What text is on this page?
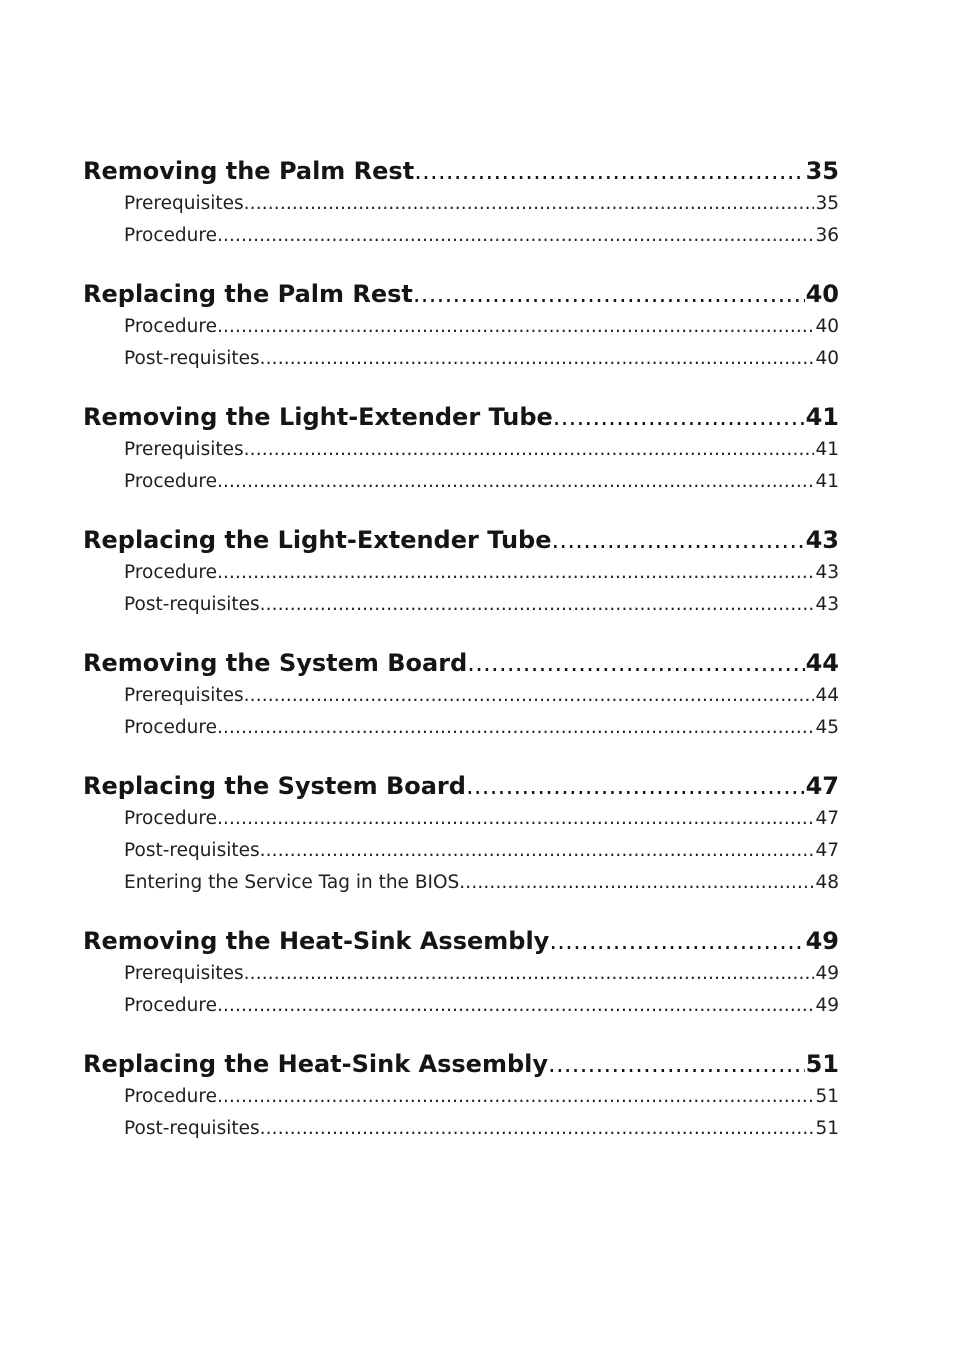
Removing the Palm Rest .....	35
Prerequisites .....	35
Procedure .....	36
Replacing the Palm Rest .....	40
Procedure .....	40
Post-requisites .....	40
Removing the Light-Extender Tube .....	41
Prerequisites .....	41
Procedure .....	41
Replacing the Light-Extender Tube .....	43
Procedure .....	43
Post-requisites .....	43
Removing the System Board .....	44
Prerequisites .....	44
Procedure .....	45
Replacing the System Board .....	47
Procedure .....	47
Post-requisites .....	47
Entering the Service Tag in the BIOS .....	48
Removing the Heat-Sink Assembly .....	49
Prerequisites .....	49
Procedure .....	49
Replacing the Heat-Sink Assembly .....	51
Procedure .....	51
Post-requisites .....	51
